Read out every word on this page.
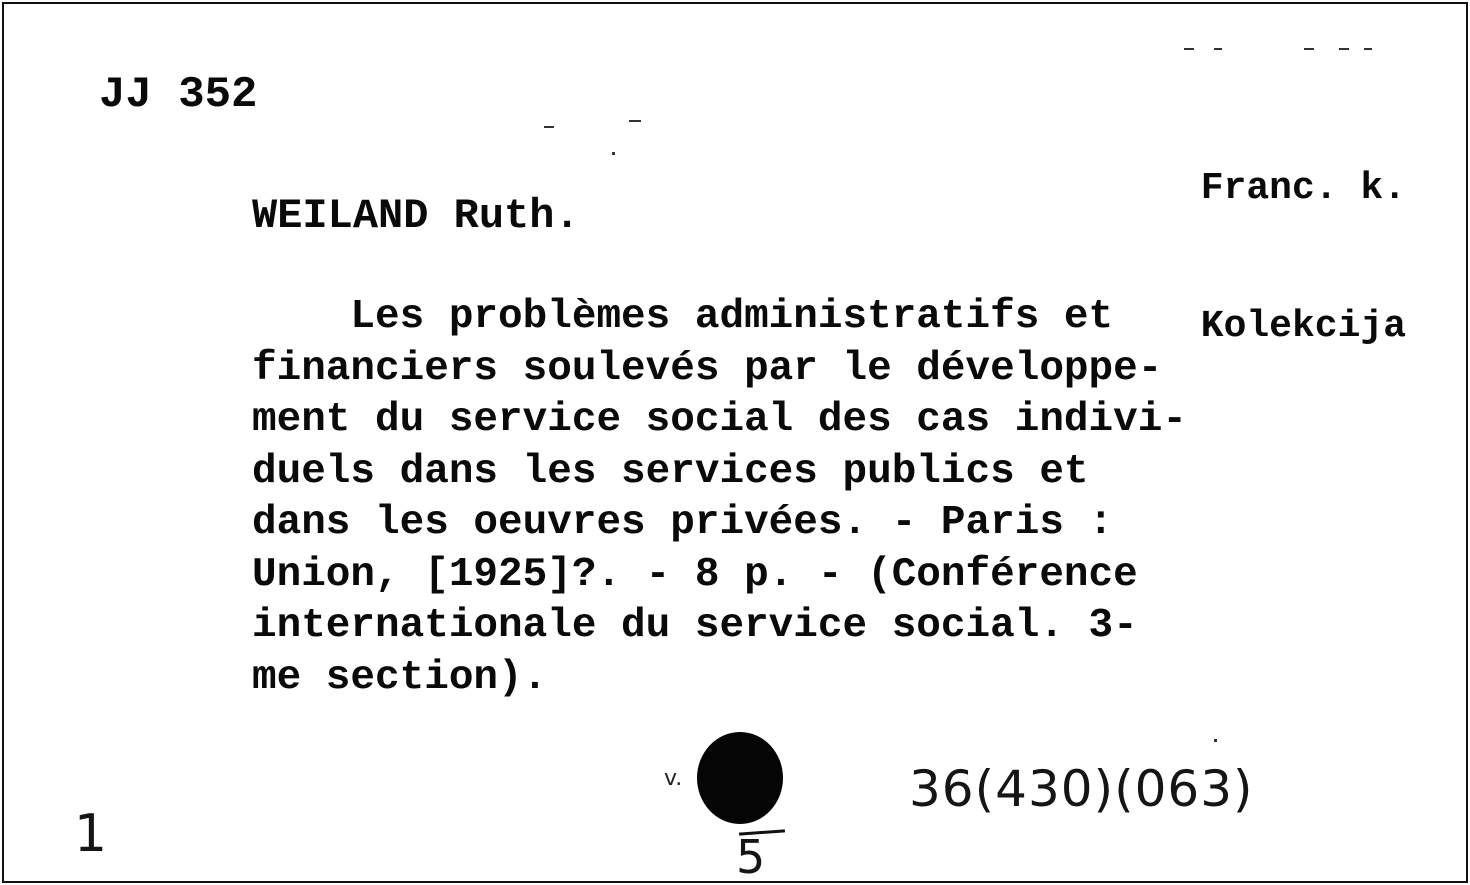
JJ 352

Franc. k.

Kolekcija

WEILAND Ruth.
Les problèmes administratifs et
financiers soulevés par le développe-
ment du service social des cas indivi-
duels dans les services publics et
dans les oeuvres privées. - Paris :
Union, [1925]?. - 8 p. - (Conférence
internationale du service social. 3-
me section).
v.
1
36(430)(063)
5
